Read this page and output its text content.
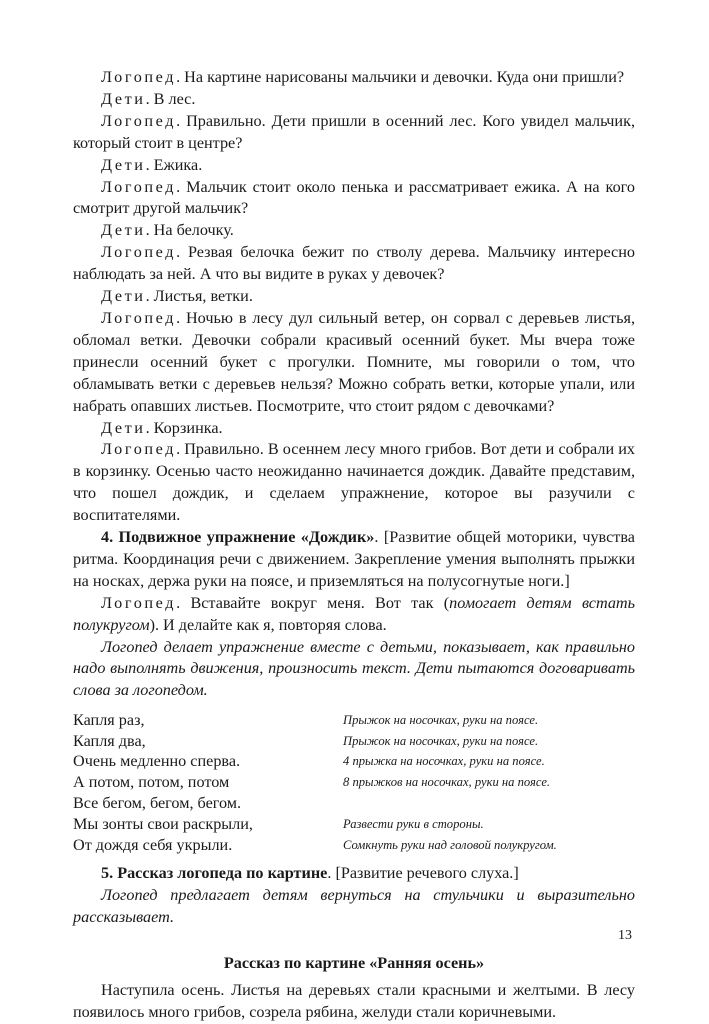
Логопед. На картине нарисованы мальчики и девочки. Куда они пришли?

Дети. В лес.

Логопед. Правильно. Дети пришли в осенний лес. Кого увидел мальчик, который стоит в центре?

Дети. Ежика.

Логопед. Мальчик стоит около пенька и рассматривает ежика. А на кого смотрит другой мальчик?

Дети. На белочку.

Логопед. Резвая белочка бежит по стволу дерева. Мальчику интересно наблюдать за ней. А что вы видите в руках у девочек?

Дети. Листья, ветки.

Логопед. Ночью в лесу дул сильный ветер, он сорвал с деревьев листья, обломал ветки. Девочки собрали красивый осенний букет. Мы вчера тоже принесли осенний букет с прогулки. Помните, мы говорили о том, что обламывать ветки с деревьев нельзя? Можно собрать ветки, которые упали, или набрать опавших листьев. Посмотрите, что стоит рядом с девочками?

Дети. Корзинка.

Логопед. Правильно. В осеннем лесу много грибов. Вот дети и собрали их в корзинку. Осенью часто неожиданно начинается дождик. Давайте представим, что пошел дождик, и сделаем упражнение, которое вы разучили с воспитателями.

4. Подвижное упражнение «Дождик». [Развитие общей моторики, чувства ритма. Координация речи с движением. Закрепление умения выполнять прыжки на носках, держа руки на поясе, и приземляться на полусогнутые ноги.]

Логопед. Вставайте вокруг меня. Вот так (помогает детям встать полукругом). И делайте как я, повторяя слова.

Логопед делает упражнение вместе с детьми, показывает, как правильно надо выполнять движения, произносить текст. Дети пытаются договаривать слова за логопедом.

Капля раз,	Прыжок на носочках, руки на поясе.
Капля два,	Прыжок на носочках, руки на поясе.
Очень медленно сперва.	4 прыжка на носочках, руки на поясе.
А потом, потом, потом	8 прыжков на носочках, руки на поясе.
Все бегом, бегом, бегом.
Мы зонты свои раскрыли,	Развести руки в стороны.
От дождя себя укрыли.	Сомкнуть руки над головой полукругом.

5. Рассказ логопеда по картине. [Развитие речевого слуха.]

Логопед предлагает детям вернуться на стульчики и выразительно рассказывает.

Рассказ по картине «Ранняя осень»

Наступила осень. Листья на деревьях стали красными и желтыми. В лесу появилось много грибов, созрела рябина, желуди стали коричневыми.

13
